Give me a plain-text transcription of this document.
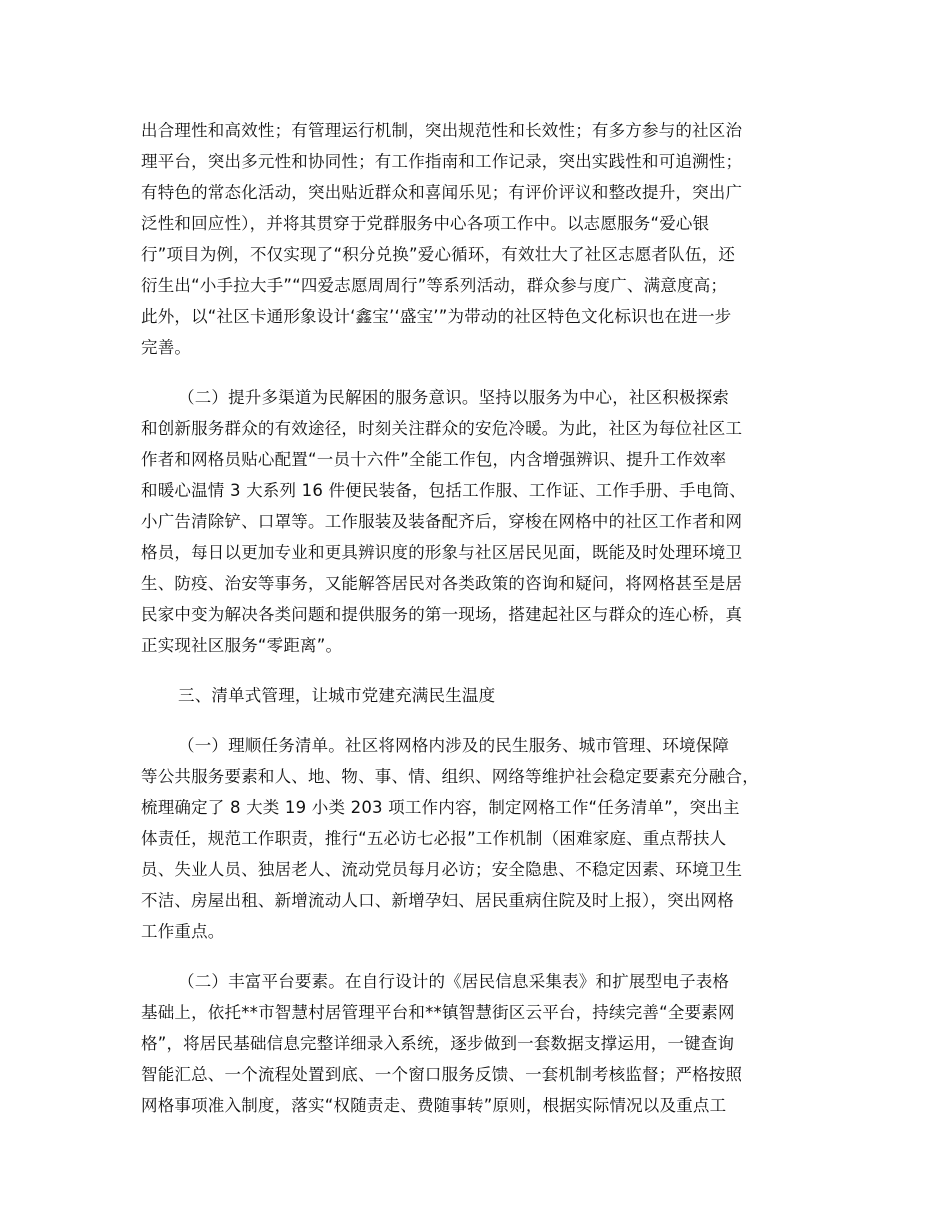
出合理性和高效性；有管理运行机制，突出规范性和长效性；有多方参与的社区治
理平台，突出多元性和协同性；有工作指南和工作记录，突出实践性和可追溯性；
有特色的常态化活动，突出贴近群众和喜闻乐见；有评价评议和整改提升，突出广
泛性和回应性），并将其贯穿于党群服务中心各项工作中。以志愿服务“爱心银
行”项目为例，不仅实现了“积分兑换”爱心循环，有效壮大了社区志愿者队伍，还
衍生出“小手拉大手”“四爱志愿周周行”等系列活动，群众参与度广、满意度高；
此外，以“社区卡通形象设计‘鑫宝’‘盛宝’”为带动的社区特色文化标识也在进一步
完善。
（二）提升多渠道为民解困的服务意识。坚持以服务为中心，社区积极探索
和创新服务群众的有效途径，时刻关注群众的安危冷暖。为此，社区为每位社区工
作者和网格员贴心配置“一员十六件”全能工作包，内含增强辨识、提升工作效率
和暖心温情 3 大系列 16 件便民装备，包括工作服、工作证、工作手册、手电筒、
小广告清除铲、口罩等。工作服装及装备配齐后，穿梭在网格中的社区工作者和网
格员，每日以更加专业和更具辨识度的形象与社区居民见面，既能及时处理环境卫
生、防疫、治安等事务，又能解答居民对各类政策的咨询和疑问，将网格甚至是居
民家中变为解决各类问题和提供服务的第一现场，搭建起社区与群众的连心桥，真
正实现社区服务“零距离”。
三、清单式管理，让城市党建充满民生温度
（一）理顺任务清单。社区将网格内涉及的民生服务、城市管理、环境保障
等公共服务要素和人、地、物、事、情、组织、网络等维护社会稳定要素充分融合，
梳理确定了 8 大类 19 小类 203 项工作内容，制定网格工作“任务清单”，突出主
体责任，规范工作职责，推行“五必访七必报”工作机制（困难家庭、重点帮扶人
员、失业人员、独居老人、流动党员每月必访；安全隐患、不稳定因素、环境卫生
不洁、房屋出租、新增流动人口、新增孕妇、居民重病住院及时上报），突出网格
工作重点。
（二）丰富平台要素。在自行设计的《居民信息采集表》和扩展型电子表格
基础上，依托**市智慧村居管理平台和**镇智慧街区云平台，持续完善“全要素网
格”，将居民基础信息完整详细录入系统，逐步做到一套数据支撑运用，一键查询
智能汇总、一个流程处置到底、一个窗口服务反馈、一套机制考核监督；严格按照
网格事项准入制度，落实“权随责走、费随事转”原则，根据实际情况以及重点工
